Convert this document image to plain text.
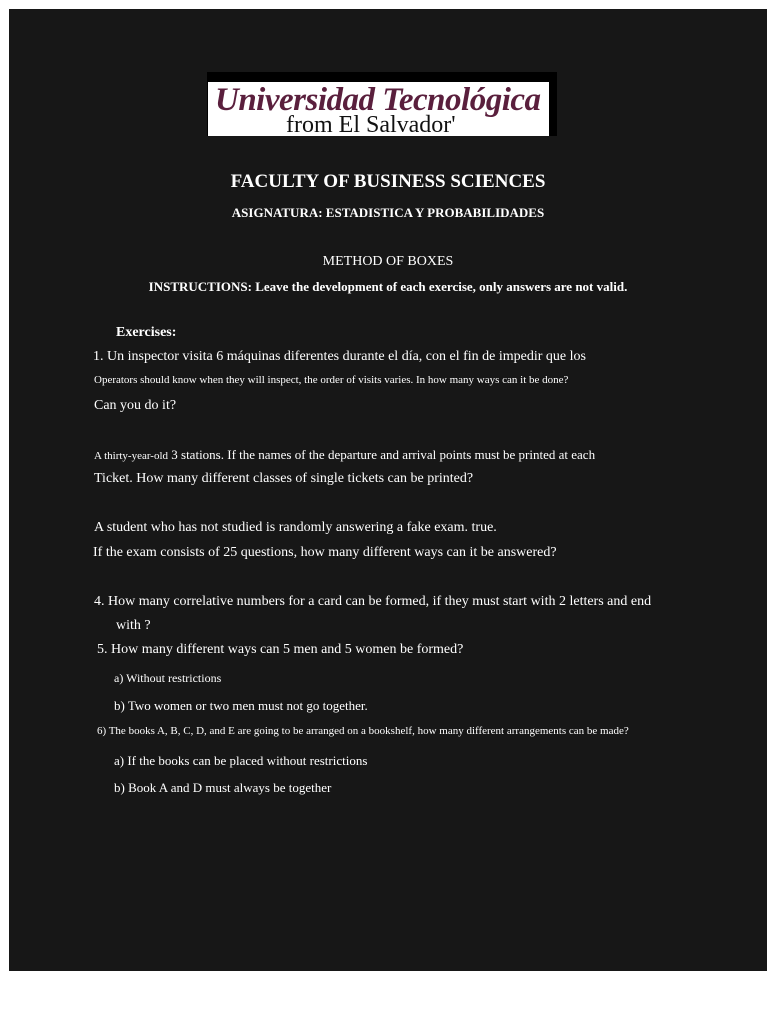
Universidad Tecnológica
from El Salvador'
FACULTY OF BUSINESS SCIENCES
ASIGNATURA: ESTADISTICA Y PROBABILIDADES
METHOD OF BOXES
INSTRUCTIONS: Leave the development of each exercise, only answers are not valid.
Exercises:
1. Un inspector visita 6 máquinas diferentes durante el día, con el fin de impedir que los
Operators should know when they will inspect, the order of visits varies. In how many ways can it be done?
Can you do it?
A thirty-year-old 3 stations. If the names of the departure and arrival points must be printed at each
Ticket. How many different classes of single tickets can be printed?
A student who has not studied is randomly answering a fake exam. true.
If the exam consists of 25 questions, how many different ways can it be answered?
4. How many correlative numbers for a card can be formed, if they must start with 2 letters and end
with ?
5. How many different ways can 5 men and 5 women be formed?
a) Without restrictions
b) Two women or two men must not go together.
6) The books A, B, C, D, and E are going to be arranged on a bookshelf, how many different arrangements can be made?
a) If the books can be placed without restrictions
b) Book A and D must always be together
